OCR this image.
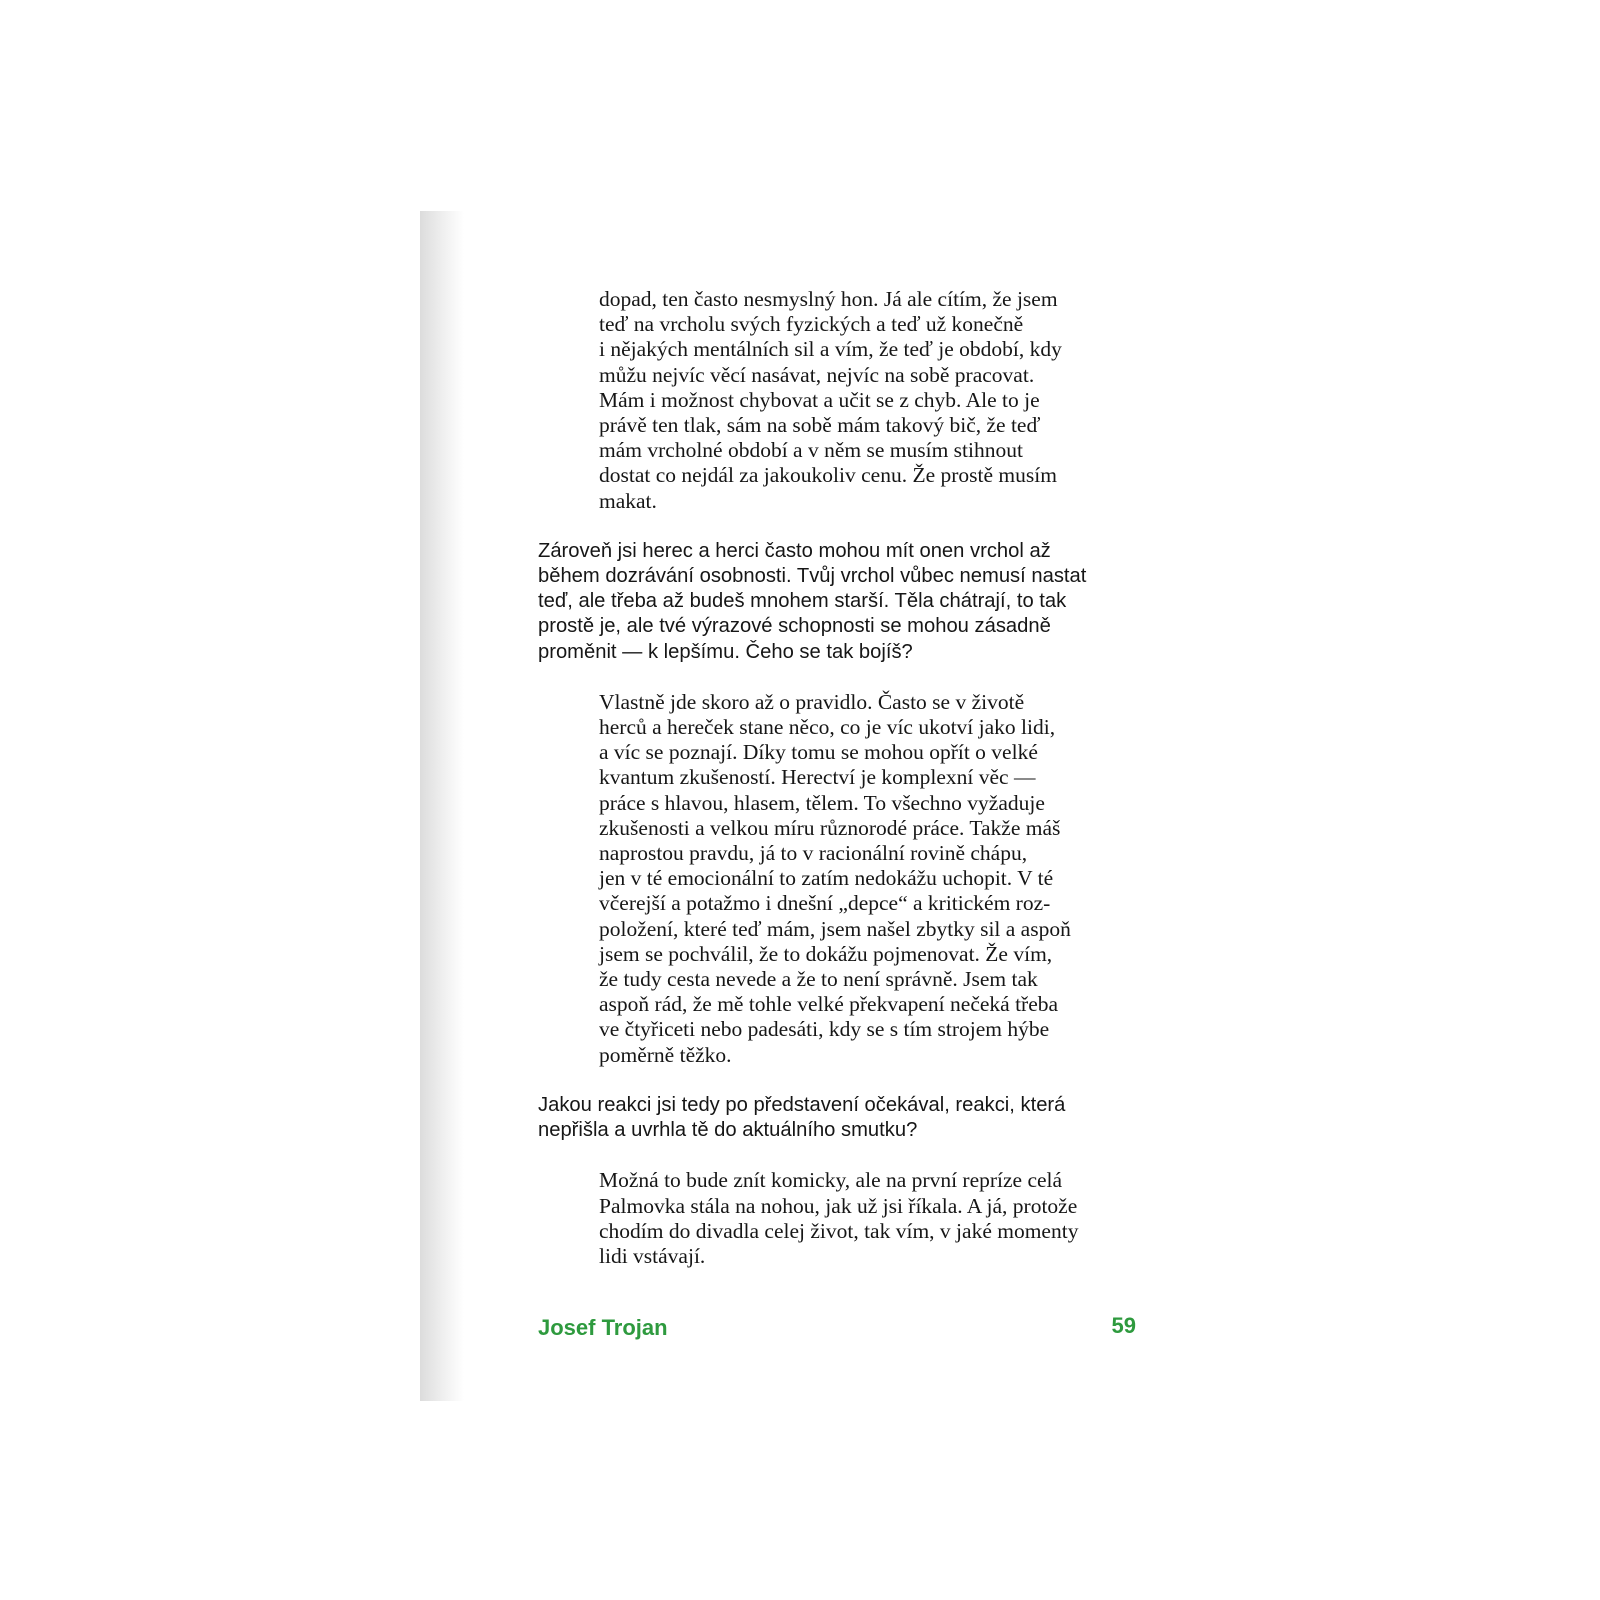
dopad, ten často nesmyslný hon. Já ale cítím, že jsem
teď na vrcholu svých fyzických a teď už konečně
i nějakých mentálních sil a vím, že teď je období, kdy
můžu nejvíc věcí nasávat, nejvíc na sobě pracovat.
Mám i možnost chybovat a učit se z chyb. Ale to je
právě ten tlak, sám na sobě mám takový bič, že teď
mám vrcholné období a v něm se musím stihnout
dostat co nejdál za jakoukoliv cenu. Že prostě musím
makat.

Zároveň jsi herec a herci často mohou mít onen vrchol až
během dozrávání osobnosti. Tvůj vrchol vůbec nemusí nastat
teď, ale třeba až budeš mnohem starší. Těla chátrají, to tak
prostě je, ale tvé výrazové schopnosti se mohou zásadně
proměnit — k lepšímu. Čeho se tak bojíš?

Vlastně jde skoro až o pravidlo. Často se v životě
herců a hereček stane něco, co je víc ukotví jako lidi,
a víc se poznají. Díky tomu se mohou opřít o velké
kvantum zkušeností. Herectví je komplexní věc —
práce s hlavou, hlasem, tělem. To všechno vyžaduje
zkušenosti a velkou míru různorodé práce. Takže máš
naprostou pravdu, já to v racionální rovině chápu,
jen v té emocionální to zatím nedokážu uchopit. V té
včerejší a potažmo i dnešní „depce“ a kritickém roz-
položení, které teď mám, jsem našel zbytky sil a aspoň
jsem se pochválil, že to dokážu pojmenovat. Že vím,
že tudy cesta nevede a že to není správně. Jsem tak
aspoň rád, že mě tohle velké překvapení nečeká třeba
ve čtyřiceti nebo padesáti, kdy se s tím strojem hýbe
poměrně těžko.

Jakou reakci jsi tedy po představení očekával, reakci, která
nepřišla a uvrhla tě do aktuálního smutku?

Možná to bude znít komicky, ale na první repríze celá
Palmovka stála na nohou, jak už jsi říkala. A já, protože
chodím do divadla celej život, tak vím, v jaké momenty
lidi vstávají.

Josef Trojan	59
